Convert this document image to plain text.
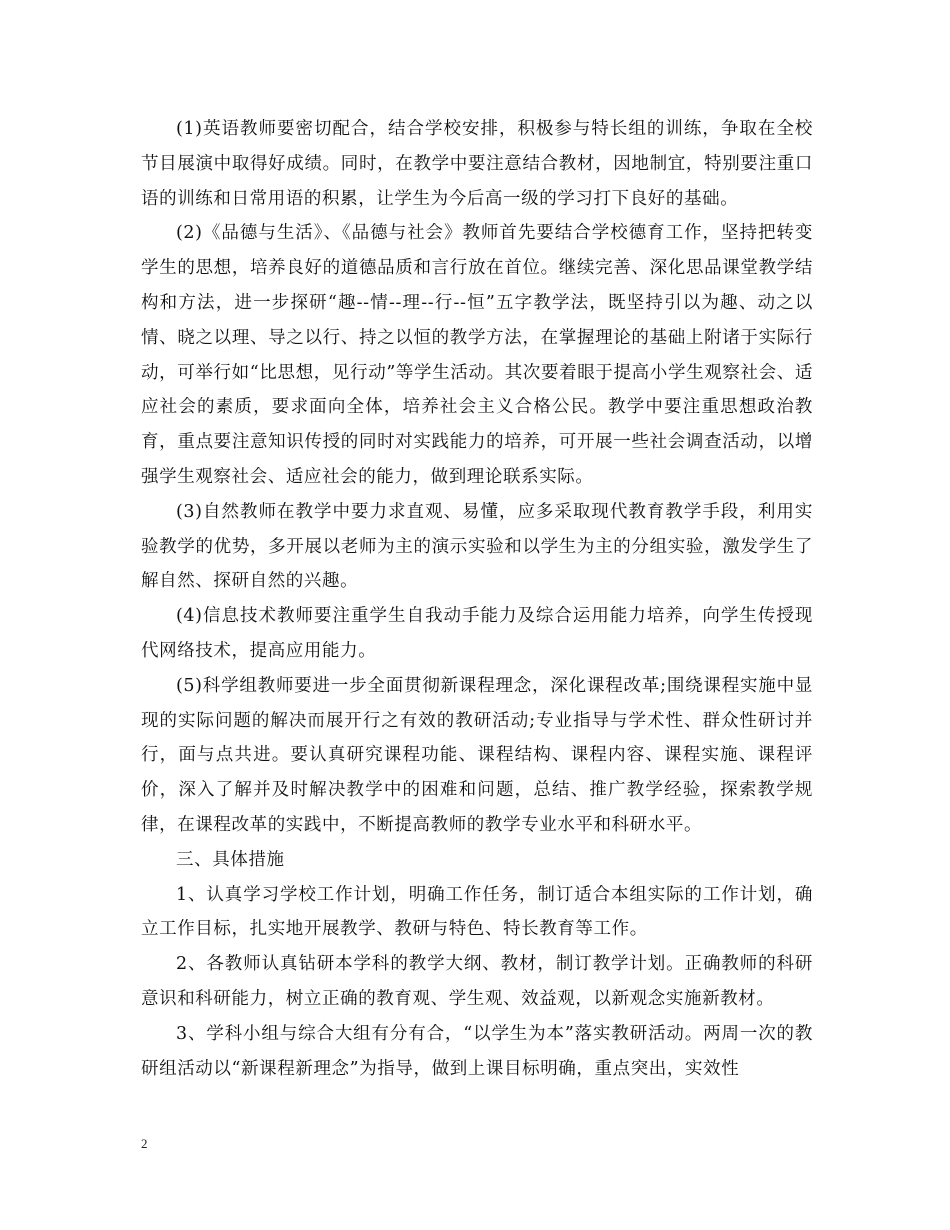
(1)英语教师要密切配合，结合学校安排，积极参与特长组的训练，争取在全校节目展演中取得好成绩。同时，在教学中要注意结合教材，因地制宜，特别要注重口语的训练和日常用语的积累，让学生为今后高一级的学习打下良好的基础。

(2)《品德与生活》、《品德与社会》教师首先要结合学校德育工作，坚持把转变学生的思想，培养良好的道德品质和言行放在首位。继续完善、深化思品课堂教学结构和方法，进一步探研“趣--情--理--行--恒”五字教学法，既坚持引以为趣、动之以情、晓之以理、导之以行、持之以恒的教学方法，在掌握理论的基础上附诸于实际行动，可举行如“比思想，见行动”等学生活动。其次要着眼于提高小学生观察社会、适应社会的素质，要求面向全体，培养社会主义合格公民。教学中要注重思想政治教育，重点要注意知识传授的同时对实践能力的培养，可开展一些社会调查活动，以增强学生观察社会、适应社会的能力，做到理论联系实际。

(3)自然教师在教学中要力求直观、易懂，应多采取现代教育教学手段，利用实验教学的优势，多开展以老师为主的演示实验和以学生为主的分组实验，激发学生了解自然、探研自然的兴趣。

(4)信息技术教师要注重学生自我动手能力及综合运用能力培养，向学生传授现代网络技术，提高应用能力。

(5)科学组教师要进一步全面贯彻新课程理念，深化课程改革;围绕课程实施中显现的实际问题的解决而展开行之有效的教研活动;专业指导与学术性、群众性研讨并行，面与点共进。要认真研究课程功能、课程结构、课程内容、课程实施、课程评价，深入了解并及时解决教学中的困难和问题，总结、推广教学经验，探索教学规律，在课程改革的实践中，不断提高教师的教学专业水平和科研水平。

三、具体措施

1、认真学习学校工作计划，明确工作任务，制订适合本组实际的工作计划，确立工作目标，扎实地开展教学、教研与特色、特长教育等工作。

2、各教师认真钻研本学科的教学大纲、教材，制订教学计划。正确教师的科研意识和科研能力，树立正确的教育观、学生观、效益观，以新观念实施新教材。

3、学科小组与综合大组有分有合，“以学生为本”落实教研活动。两周一次的教研组活动以“新课程新理念”为指导，做到上课目标明确，重点突出，实效性

2
